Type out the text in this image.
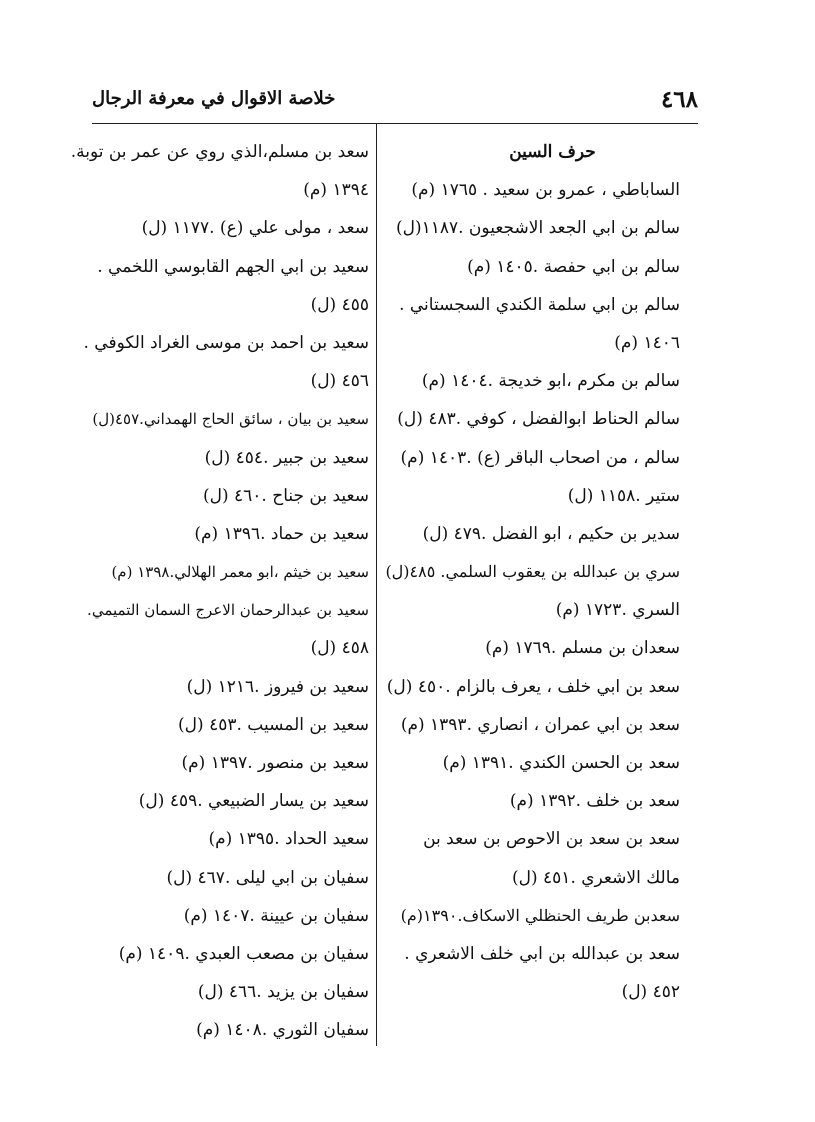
٤٦٨
خلاصة الاقوال في معرفة الرجال

حرف السين

الساباطي ، عمرو بن سعيد . ١٧٦٥ (م)

سالم بن ابي الجعد الاشجعيون .١١٨٧(ل)

سالم بن ابي حفصة .١٤٠٥ (م)

سالم بن ابي سلمة الكندي السجستاني .

١٤٠٦ (م)

سالم بن مكرم ،ابو خديجة .١٤٠٤ (م)

سالم الحناط ابوالفضل ، كوفي .٤٨٣ (ل)

سالم ، من اصحاب الباقر (ع) .١٤٠٣ (م)

ستير .١١٥٨ (ل)

سدير بن حكيم ، ابو الفضل .٤٧٩ (ل)

سري بن عبدالله بن يعقوب السلمي. ٤٨٥(ل)

السري .١٧٢٣ (م)

سعدان بن مسلم .١٧٦٩ (م)

سعد بن ابي خلف ، يعرف بالزام .٤٥٠ (ل)

سعد بن ابي عمران ، انصاري .١٣٩٣ (م)

سعد بن الحسن الكندي .١٣٩١ (م)

سعد بن خلف .١٣٩٢ (م)

سعد بن سعد بن الاحوص بن سعد بن

مالك الاشعري .٤٥١ (ل)

سعدبن طريف الحنظلي الاسكاف.١٣٩٠(م)

سعد بن عبدالله بن ابي خلف الاشعري .

٤٥٢ (ل)

سعد بن مسلم،الذي روي عن عمر بن توبة.

١٣٩٤ (م)

سعد ، مولى علي (ع) .١١٧٧ (ل)

سعيد بن ابي الجهم القابوسي اللخمي .

٤٥٥ (ل)

سعيد بن احمد بن موسى الغراد الكوفي .

٤٥٦ (ل)

سعيد بن بيان ، سائق الحاج الهمداني.٤٥٧(ل)

سعيد بن جبير .٤٥٤ (ل)

سعيد بن جناح .٤٦٠ (ل)

سعيد بن حماد .١٣٩٦ (م)

سعيد بن خيثم ،ابو معمر الهلالي.١٣٩٨ (م)

سعيد بن عبدالرحمان الاعرج السمان التميمي.

٤٥٨ (ل)

سعيد بن فيروز .١٢١٦ (ل)

سعيد بن المسيب .٤٥٣ (ل)

سعيد بن منصور .١٣٩٧ (م)

سعيد بن يسار الضبيعي .٤٥٩ (ل)

سعيد الحداد .١٣٩٥ (م)

سفيان بن ابي ليلى .٤٦٧ (ل)

سفيان بن عيينة .١٤٠٧ (م)

سفيان بن مصعب العبدي .١٤٠٩ (م)

سفيان بن يزيد .٤٦٦ (ل)

سفيان الثوري .١٤٠٨ (م)
